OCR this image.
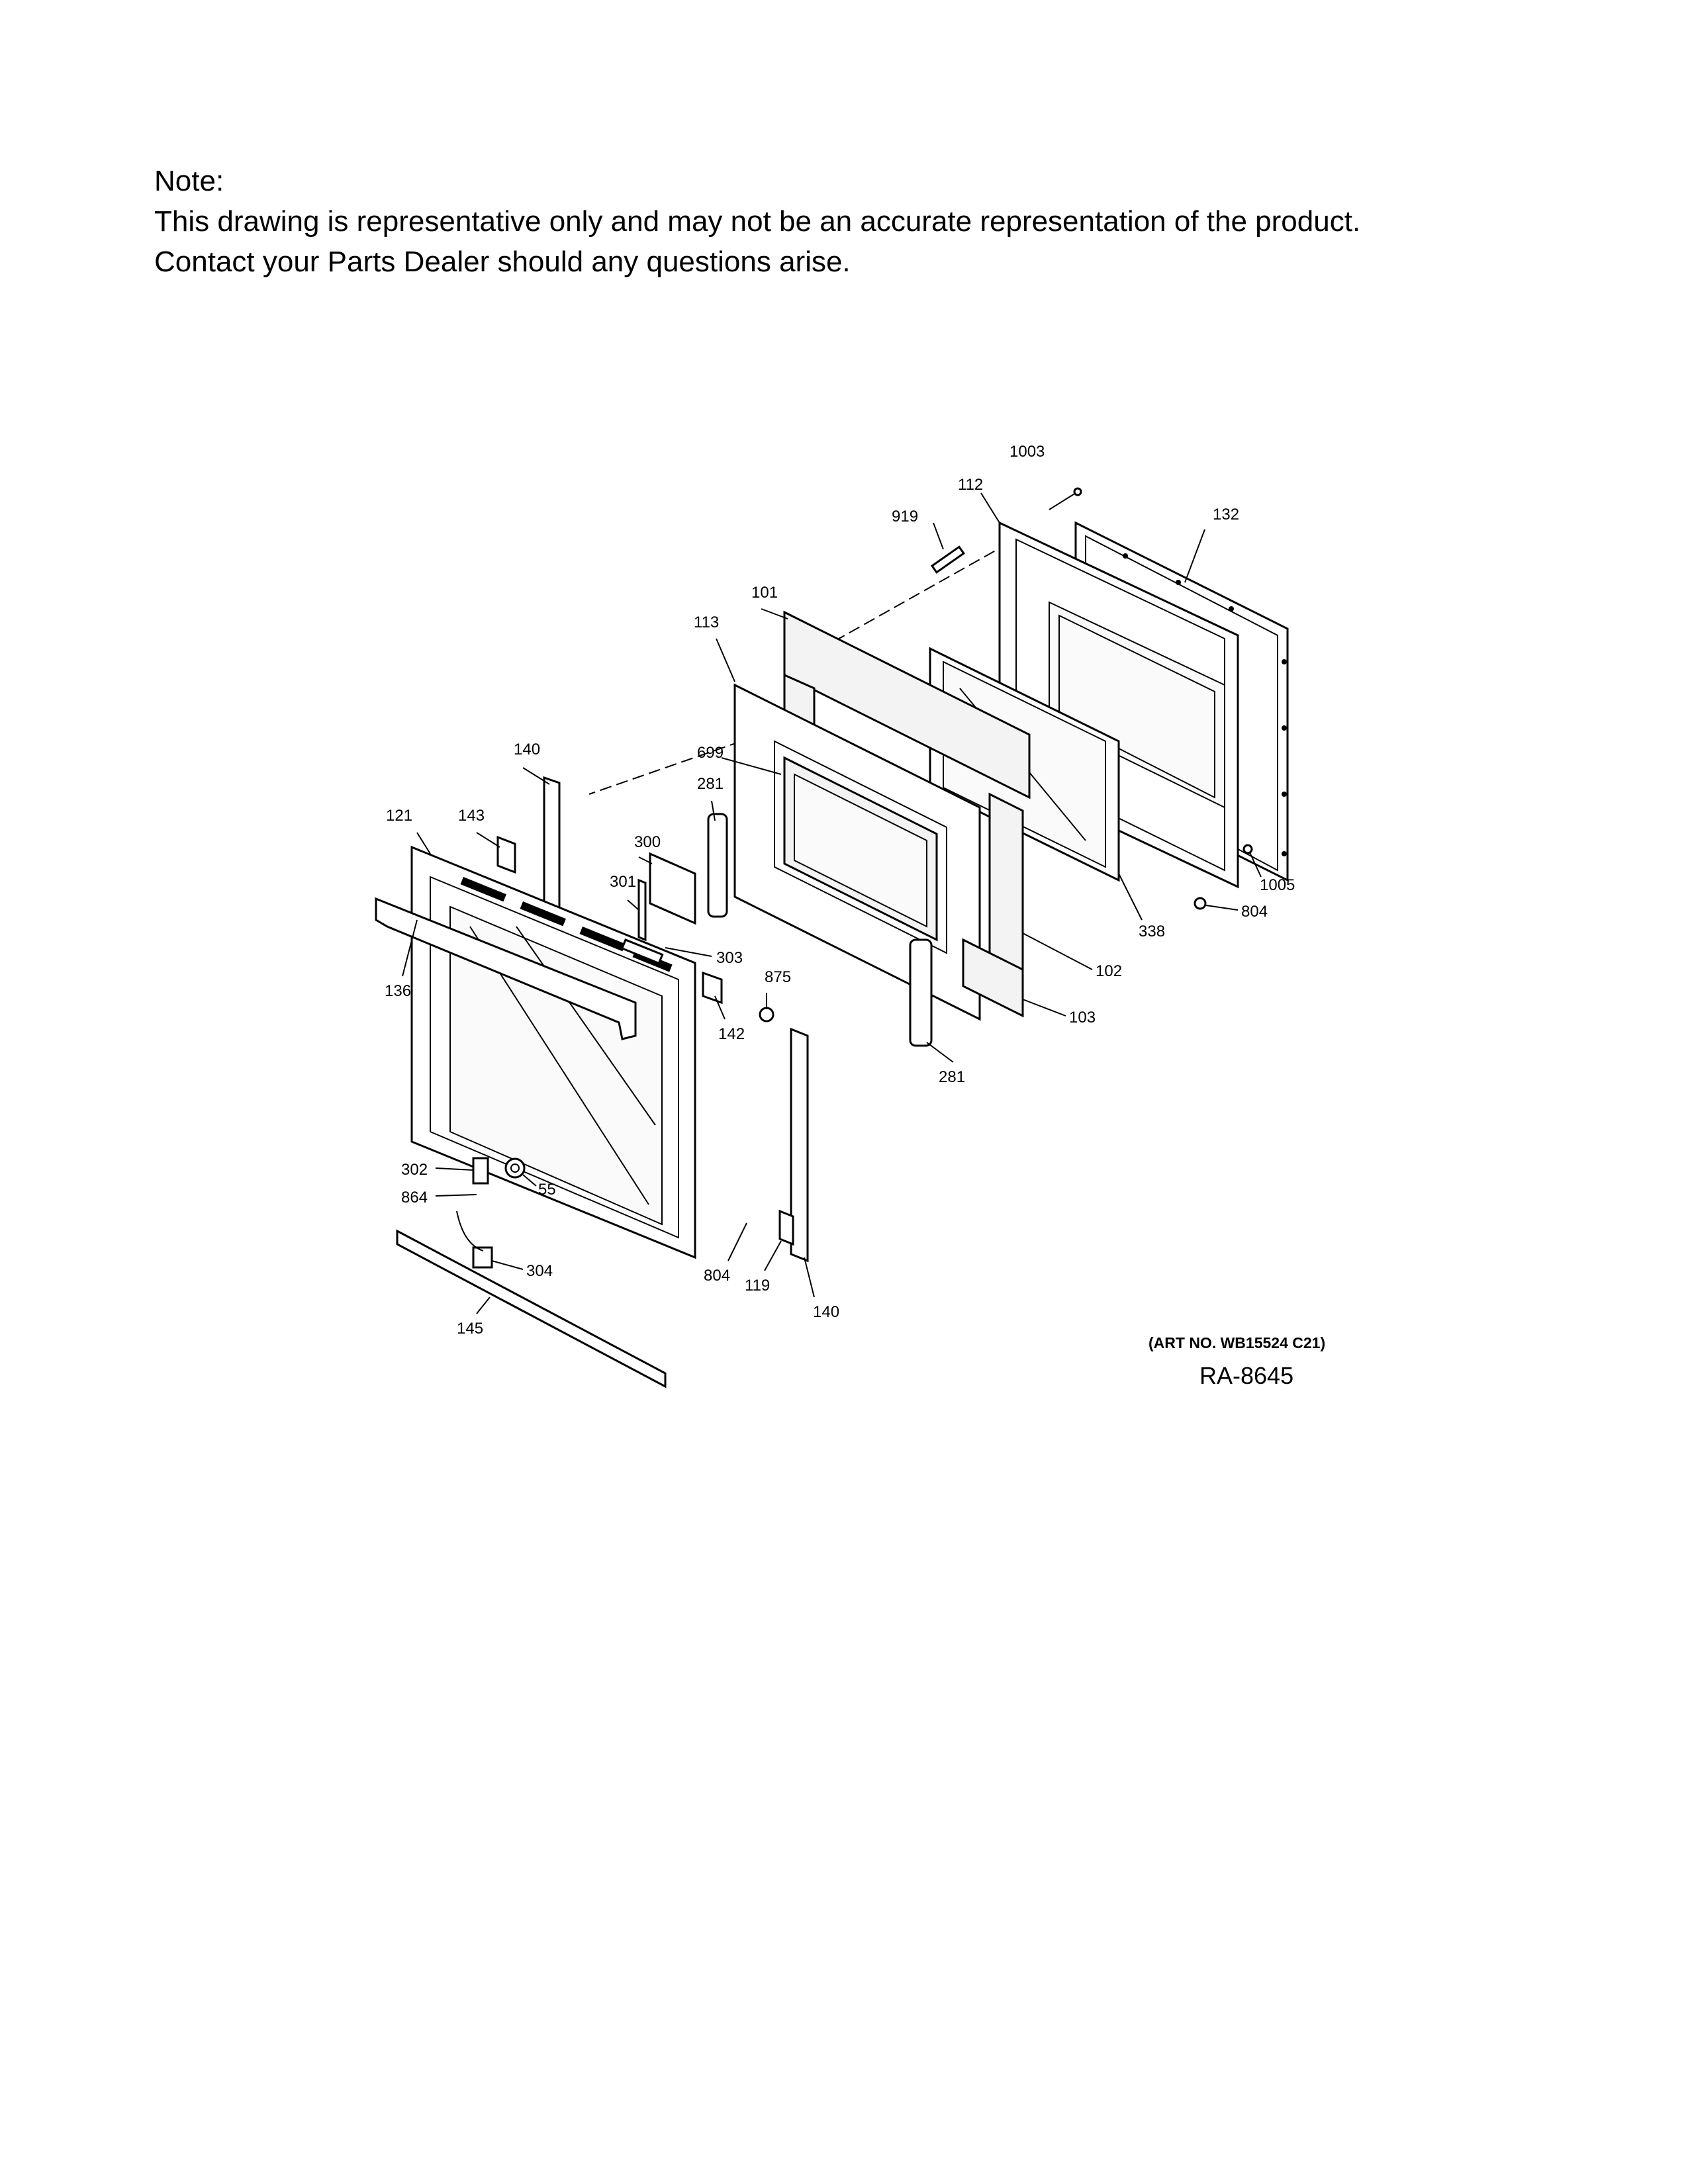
Note:
This drawing is representative only and may not be an accurate representation of the product.
Contact your Parts Dealer should any questions arise.
1003
112
919	132
101
113
699
281
140
143
121
300
301
303
136
142
875
1005
804
338
102
103
281
302
864	55
304	804
119
140
145
(ART NO. WB15524 C21)
RA-8645
